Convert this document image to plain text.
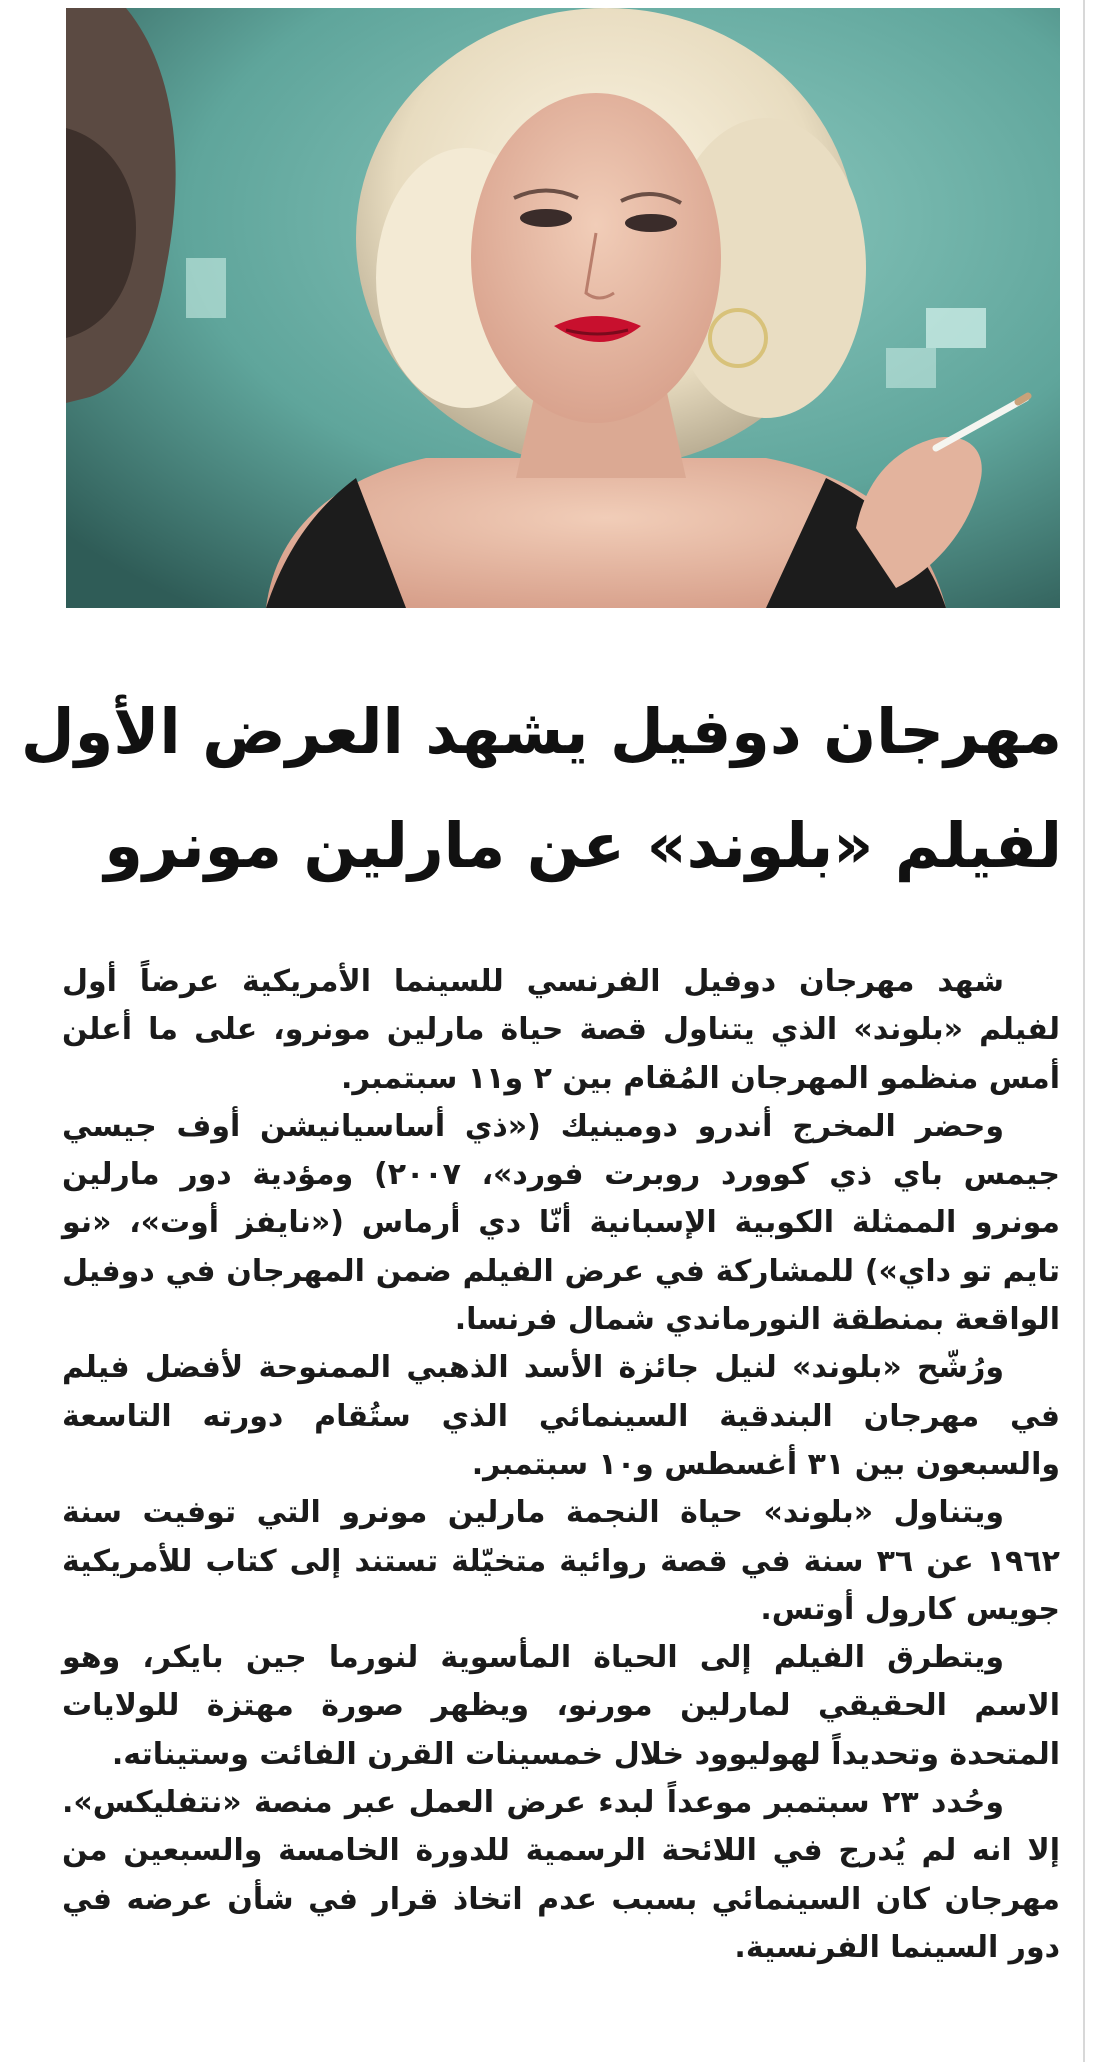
مهرجان دوفيل يشهد العرض الأول
لفيلم «بلوند» عن مارلين مونرو

شهد مهرجان دوفيل الفرنسي للسينما الأمريكية عرضاً أول لفيلم «بلوند» الذي يتناول قصة حياة مارلين مونرو، على ما أعلن أمس منظمو المهرجان المُقام بين ٢ و١١ سبتمبر.

وحضر المخرج أندرو دومينيك («ذي أساسيانيشن أوف جيسي جيمس باي ذي كوورد روبرت فورد»، ٢٠٠٧) ومؤدية دور مارلين مونرو الممثلة الكوبية الإسبانية أنّا دي أرماس («نايفز أوت»، «نو تايم تو داي») للمشاركة في عرض الفيلم ضمن المهرجان في دوفيل الواقعة بمنطقة النورماندي شمال فرنسا.

ورُشّح «بلوند» لنيل جائزة الأسد الذهبي الممنوحة لأفضل فيلم في مهرجان البندقية السينمائي الذي ستُقام دورته التاسعة والسبعون بين ٣١ أغسطس و١٠ سبتمبر.

ويتناول «بلوند» حياة النجمة مارلين مونرو التي توفيت سنة ١٩٦٢ عن ٣٦ سنة في قصة روائية متخيّلة تستند إلى كتاب للأمريكية جويس كارول أوتس.

ويتطرق الفيلم إلى الحياة المأسوية لنورما جين بايكر، وهو الاسم الحقيقي لمارلين مورنو، ويظهر صورة مهتزة للولايات المتحدة وتحديداً لهوليوود خلال خمسينات القرن الفائت وستيناته.

وحُدد ٢٣ سبتمبر موعداً لبدء عرض العمل عبر منصة «نتفليكس». إلا انه لم يُدرج في اللائحة الرسمية للدورة الخامسة والسبعين من مهرجان كان السينمائي بسبب عدم اتخاذ قرار في شأن عرضه في دور السينما الفرنسية.
